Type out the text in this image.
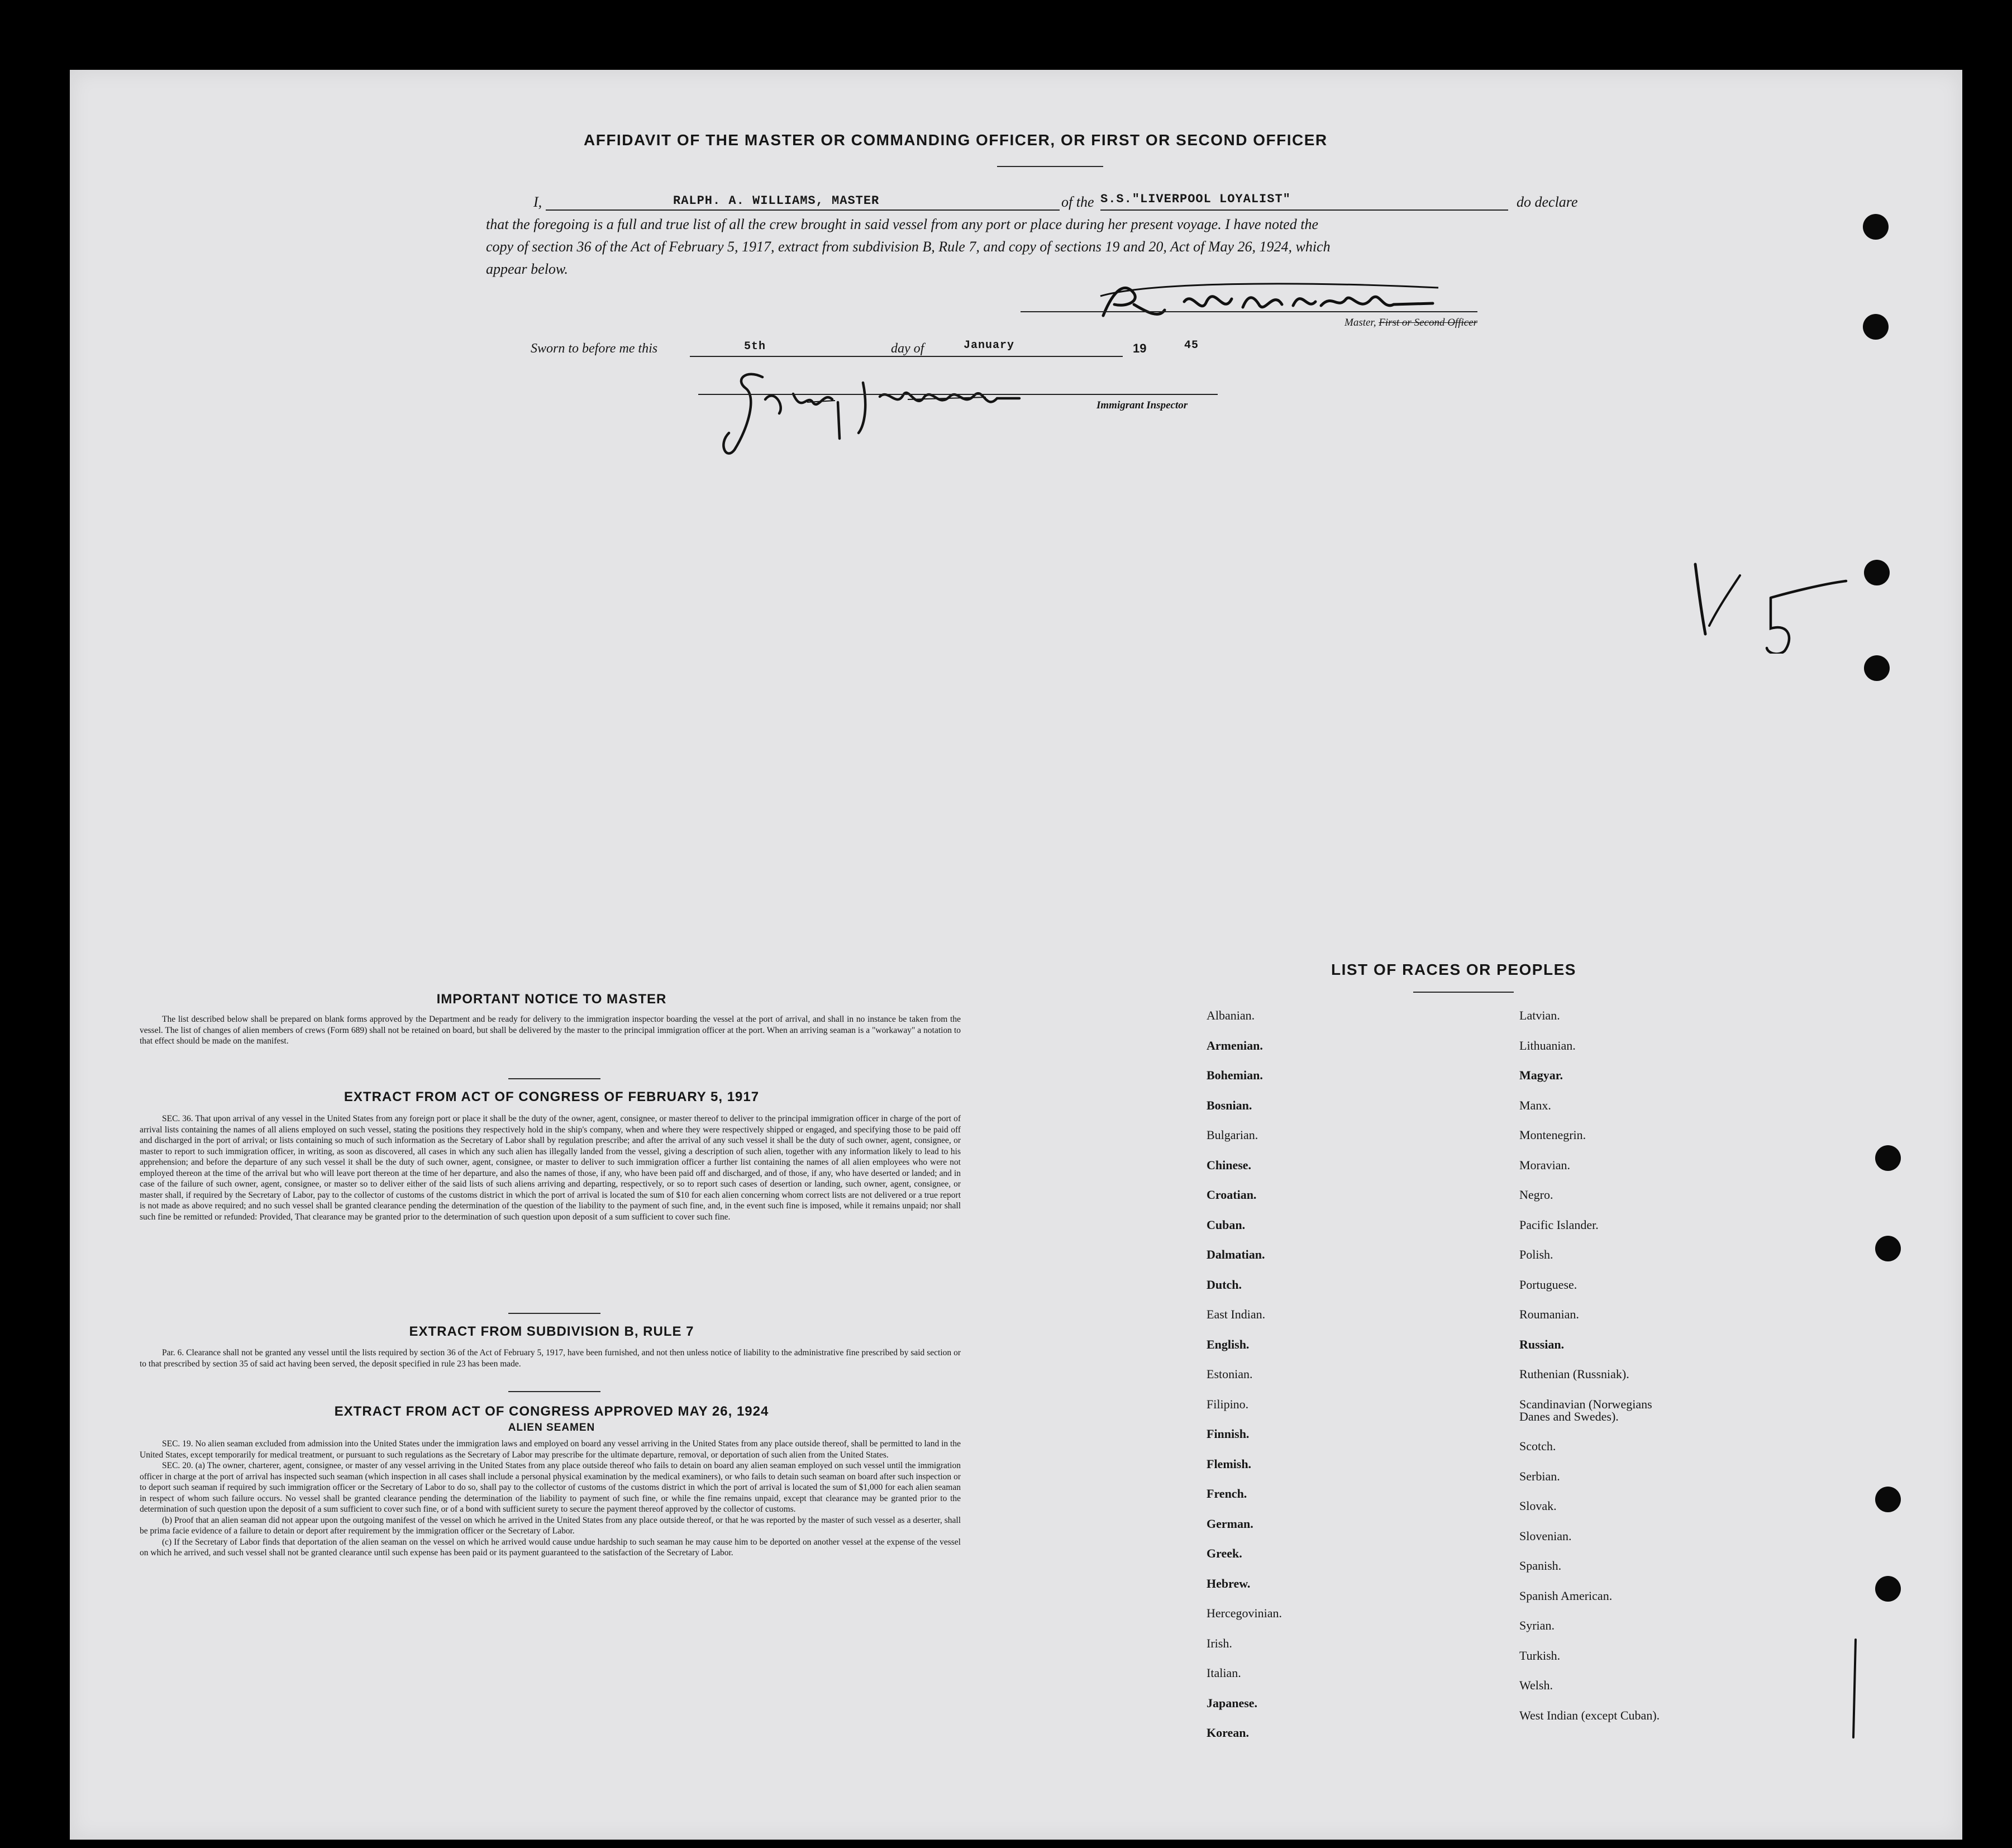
AFFIDAVIT OF THE MASTER OR COMMANDING OFFICER, OR FIRST OR SECOND OFFICER
I,	RALPH. A. WILLIAMS, MASTER	of the S.S."LIVERPOOL LOYALIST"	do declare
that the foregoing is a full and true list of all the crew brought in said vessel from any port or place during her present voyage. I have noted the
copy of section 36 of the Act of February 5, 1917, extract from subdivision B, Rule 7, and copy of sections 19 and 20, Act of May 26, 1924, which
appear below.
Master, First or Second Officer
Sworn to before me this	5th	day of	January	19	45
Immigrant Inspector
IMPORTANT NOTICE TO MASTER

The list described below shall be prepared on blank forms approved by the Department and be ready for delivery to the immigration inspector boarding the vessel at the port of arrival, and shall in no instance be taken from the vessel. The list of changes of alien members of crews (Form 689) shall not be retained on board, but shall be delivered by the master to the principal immigration officer at the port. When an arriving seaman is a "workaway" a notation to that effect should be made on the manifest.

EXTRACT FROM ACT OF CONGRESS OF FEBRUARY 5, 1917

SEC. 36. That upon arrival of any vessel in the United States from any foreign port or place it shall be the duty of the owner, agent, consignee, or master thereof to deliver to the principal immigration officer in charge of the port of arrival lists containing the names of all aliens employed on such vessel, stating the positions they respectively hold in the ship's company, when and where they were respectively shipped or engaged, and specifying those to be paid off and discharged in the port of arrival; or lists containing so much of such information as the Secretary of Labor shall by regulation prescribe; and after the arrival of any such vessel it shall be the duty of such owner, agent, consignee, or master to report to such immigration officer, in writing, as soon as discovered, all cases in which any such alien has illegally landed from the vessel, giving a description of such alien, together with any information likely to lead to his apprehension; and before the departure of any such vessel it shall be the duty of such owner, agent, consignee, or master to deliver to such immigration officer a further list containing the names of all alien employees who were not employed thereon at the time of the arrival but who will leave port thereon at the time of her departure, and also the names of those, if any, who have been paid off and discharged, and of those, if any, who have deserted or landed; and in case of the failure of such owner, agent, consignee, or master so to deliver either of the said lists of such aliens arriving and departing, respectively, or so to report such cases of desertion or landing, such owner, agent, consignee, or master shall, if required by the Secretary of Labor, pay to the collector of customs of the customs district in which the port of arrival is located the sum of $10 for each alien concerning whom correct lists are not delivered or a true report is not made as above required; and no such vessel shall be granted clearance pending the determination of the question of the liability to the payment of such fine, and, in the event such fine is imposed, while it remains unpaid; nor shall such fine be remitted or refunded: Provided, That clearance may be granted prior to the determination of such question upon deposit of a sum sufficient to cover such fine.

EXTRACT FROM SUBDIVISION B, RULE 7

Par. 6. Clearance shall not be granted any vessel until the lists required by section 36 of the Act of February 5, 1917, have been furnished, and not then unless notice of liability to the administrative fine prescribed by said section or to that prescribed by section 35 of said act having been served, the deposit specified in rule 23 has been made.

EXTRACT FROM ACT OF CONGRESS APPROVED MAY 26, 1924
ALIEN SEAMEN

SEC. 19. No alien seaman excluded from admission into the United States under the immigration laws and employed on board any vessel arriving in the United States from any place outside thereof, shall be permitted to land in the United States, except temporarily for medical treatment, or pursuant to such regulations as the Secretary of Labor may prescribe for the ultimate departure, removal, or deportation of such alien from the United States.

SEC. 20. (a) The owner, charterer, agent, consignee, or master of any vessel arriving in the United States from any place outside thereof who fails to detain on board any alien seaman employed on such vessel until the immigration officer in charge at the port of arrival has inspected such seaman (which inspection in all cases shall include a personal physical examination by the medical examiners), or who fails to detain such seaman on board after such inspection or to deport such seaman if required by such immigration officer or the Secretary of Labor to do so, shall pay to the collector of customs of the customs district in which the port of arrival is located the sum of $1,000 for each alien seaman in respect of whom such failure occurs. No vessel shall be granted clearance pending the determination of the liability to payment of such fine, or while the fine remains unpaid, except that clearance may be granted prior to the determination of such question upon the deposit of a sum sufficient to cover such fine, or of a bond with sufficient surety to secure the payment thereof approved by the collector of customs.

(b) Proof that an alien seaman did not appear upon the outgoing manifest of the vessel on which he arrived in the United States from any place outside thereof, or that he was reported by the master of such vessel as a deserter, shall be prima facie evidence of a failure to detain or deport after requirement by the immigration officer or the Secretary of Labor.

(c) If the Secretary of Labor finds that deportation of the alien seaman on the vessel on which he arrived would cause undue hardship to such seaman he may cause him to be deported on another vessel at the expense of the vessel on which he arrived, and such vessel shall not be granted clearance until such expense has been paid or its payment guaranteed to the satisfaction of the Secretary of Labor.

LIST OF RACES OR PEOPLES
Albanian.
Armenian.
Bohemian.
Bosnian.
Bulgarian.
Chinese.
Croatian.
Cuban.
Dalmatian.
Dutch.
East Indian.
English.
Estonian.
Filipino.
Finnish.
Flemish.
French.
German.
Greek.
Hebrew.
Hercegovinian.
Irish.
Italian.
Japanese.
Korean.
Latvian.
Lithuanian.
Magyar.
Manx.
Montenegrin.
Moravian.
Negro.
Pacific Islander.
Polish.
Portuguese.
Roumanian.
Russian.
Ruthenian (Russniak).
Scandinavian (Norwegians
Danes and Swedes).
Scotch.
Serbian.
Slovak.
Slovenian.
Spanish.
Spanish American.
Syrian.
Turkish.
Welsh.
West Indian (except Cuban).
